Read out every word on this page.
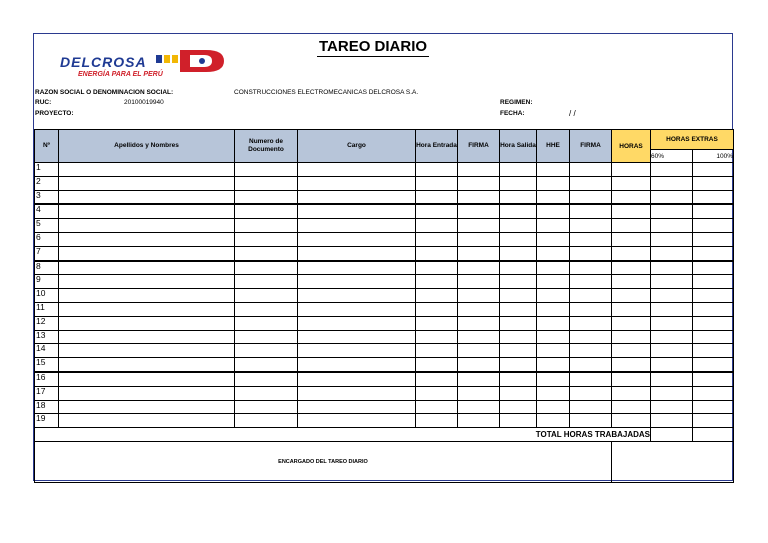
TAREO DIARIO
DELCROSA
ENERGÍA PARA EL PERÚ
RAZON SOCIAL O DENOMINACION SOCIAL:	CONSTRUCCIONES ELECTROMECANICAS DELCROSA S.A.
RUC:	20100019940
PROYECTO:
REGIMEN:
FECHA:	/ /
Nº	Apellidos y Nombres	Numero de Documento	Cargo	Hora Entrada	FIRMA	Hora Salida	HHE	FIRMA	HORAS	HORAS EXTRAS	
										60%	100%
1											
2											
3											
4											
5											
6											
7											
8											
9											
10											
11											
12											
13											
14											
15											
16											
17											
18											
19											
TOTAL HORAS TRABAJADAS											
ENCARGADO DEL TAREO DIARIO											
